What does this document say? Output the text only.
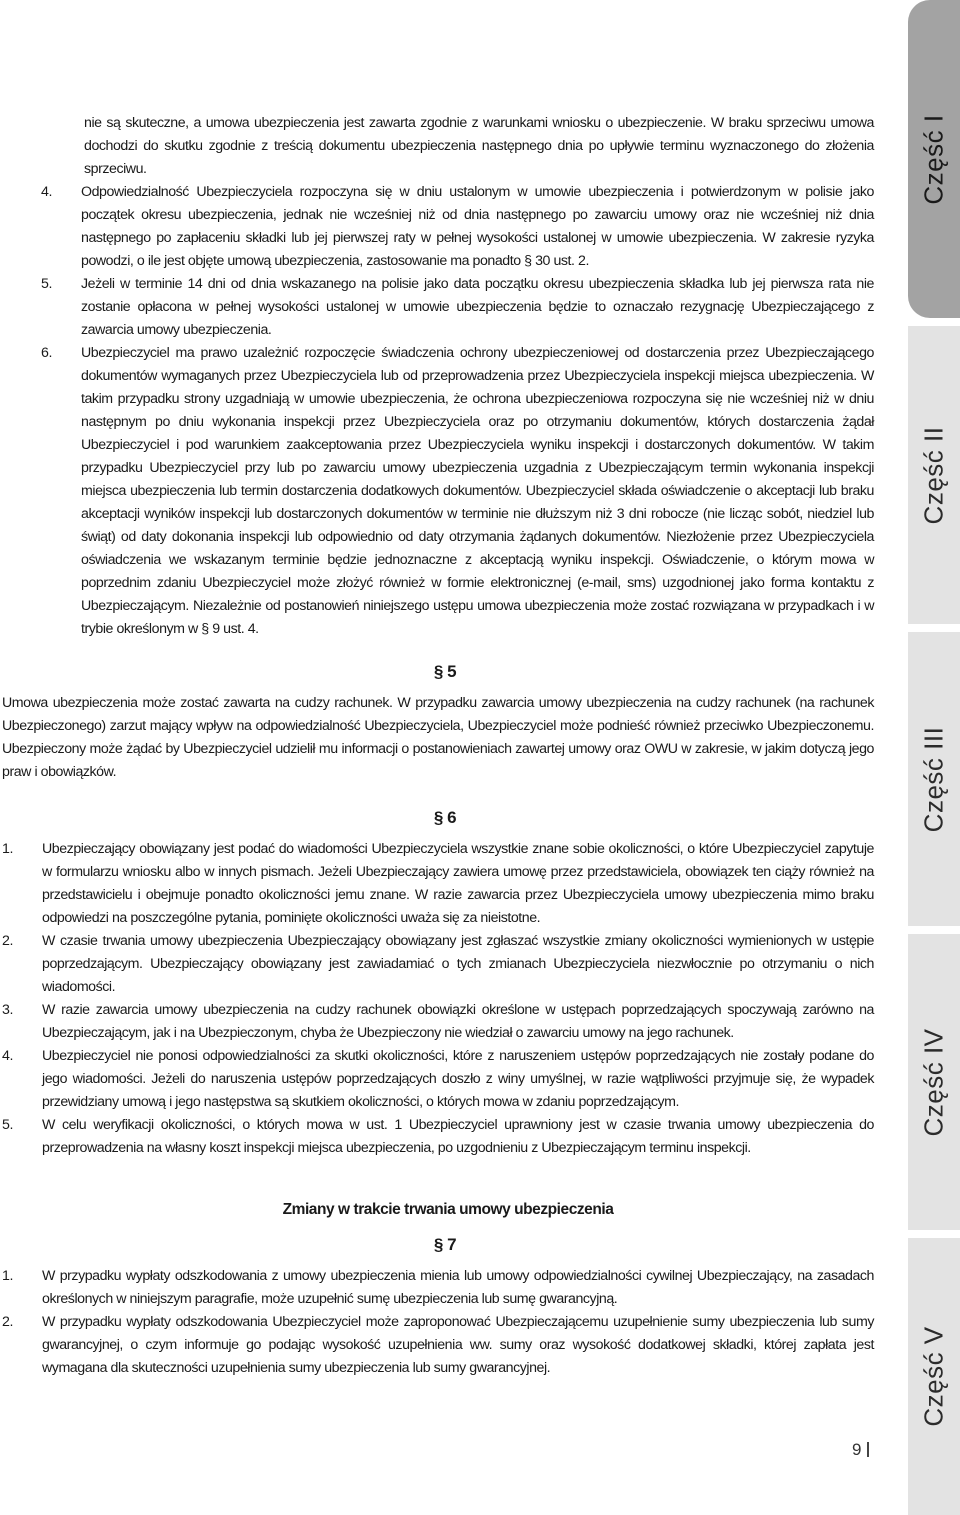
nie są skuteczne, a umowa ubezpieczenia jest zawarta zgodnie z warunkami wniosku o ubezpieczenie. W braku sprzeciwu umowa dochodzi do skutku zgodnie z treścią dokumentu ubezpieczenia następnego dnia po upływie terminu wyznaczonego do złożenia sprzeciwu.

4. Odpowiedzialność Ubezpieczyciela rozpoczyna się w dniu ustalonym w umowie ubezpieczenia i potwierdzonym w polisie jako początek okresu ubezpieczenia, jednak nie wcześniej niż od dnia następnego po zawarciu umowy oraz nie wcześniej niż dnia następnego po zapłaceniu składki lub jej pierwszej raty w pełnej wysokości ustalonej w umowie ubezpieczenia. W zakresie ryzyka powodzi, o ile jest objęte umową ubezpieczenia, zastosowanie ma ponadto § 30 ust. 2.

5. Jeżeli w terminie 14 dni od dnia wskazanego na polisie jako data początku okresu ubezpieczenia składka lub jej pierwsza rata nie zostanie opłacona w pełnej wysokości ustalonej w umowie ubezpieczenia będzie to oznaczało rezygnację Ubezpieczającego z zawarcia umowy ubezpieczenia.

6. Ubezpieczyciel ma prawo uzależnić rozpoczęcie świadczenia ochrony ubezpieczeniowej od dostarczenia przez Ubezpieczającego dokumentów wymaganych przez Ubezpieczyciela lub od przeprowadzenia przez Ubezpieczyciela inspekcji miejsca ubezpieczenia. W takim przypadku strony uzgadniają w umowie ubezpieczenia, że ochrona ubezpieczeniowa rozpoczyna się nie wcześniej niż w dniu następnym po dniu wykonania inspekcji przez Ubezpieczyciela oraz po otrzymaniu dokumentów, których dostarczenia żądał Ubezpieczyciel i pod warunkiem zaakceptowania przez Ubezpieczyciela wyniku inspekcji i dostarczonych dokumentów. W takim przypadku Ubezpieczyciel przy lub po zawarciu umowy ubezpieczenia uzgadnia z Ubezpieczającym termin wykonania inspekcji miejsca ubezpieczenia lub termin dostarczenia dodatkowych dokumentów. Ubezpieczyciel składa oświadczenie o akceptacji lub braku akceptacji wyników inspekcji lub dostarczonych dokumentów w terminie nie dłuższym niż 3 dni robocze (nie licząc sobót, niedziel lub świąt) od daty dokonania inspekcji lub odpowiednio od daty otrzymania żądanych dokumentów. Niezłożenie przez Ubezpieczyciela oświadczenia we wskazanym terminie będzie jednoznaczne z akceptacją wyniku inspekcji. Oświadczenie, o którym mowa w poprzednim zdaniu Ubezpieczyciel może złożyć również w formie elektronicznej (e-mail, sms) uzgodnionej jako forma kontaktu z Ubezpieczającym. Niezależnie od postanowień niniejszego ustępu umowa ubezpieczenia może zostać rozwiązana w przypadkach i w trybie określonym w § 9 ust. 4.

§ 5

Umowa ubezpieczenia może zostać zawarta na cudzy rachunek. W przypadku zawarcia umowy ubezpieczenia na cudzy rachunek (na rachunek Ubezpieczonego) zarzut mający wpływ na odpowiedzialność Ubezpieczyciela, Ubezpieczyciel może podnieść również przeciwko Ubezpieczonemu. Ubezpieczony może żądać by Ubezpieczyciel udzielił mu informacji o postanowieniach zawartej umowy oraz OWU w zakresie, w jakim dotyczą jego praw i obowiązków.

§ 6

1. Ubezpieczający obowiązany jest podać do wiadomości Ubezpieczyciela wszystkie znane sobie okoliczności, o które Ubezpieczyciel zapytuje w formularzu wniosku albo w innych pismach. Jeżeli Ubezpieczający zawiera umowę przez przedstawiciela, obowiązek ten ciąży również na przedstawicielu i obejmuje ponadto okoliczności jemu znane. W razie zawarcia przez Ubezpieczyciela umowy ubezpieczenia mimo braku odpowiedzi na poszczególne pytania, pominięte okoliczności uważa się za nieistotne.

2. W czasie trwania umowy ubezpieczenia Ubezpieczający obowiązany jest zgłaszać wszystkie zmiany okoliczności wymienionych w ustępie poprzedzającym. Ubezpieczający obowiązany jest zawiadamiać o tych zmianach Ubezpieczyciela niezwłocznie po otrzymaniu o nich wiadomości.

3. W razie zawarcia umowy ubezpieczenia na cudzy rachunek obowiązki określone w ustępach poprzedzających spoczywają zarówno na Ubezpieczającym, jak i na Ubezpieczonym, chyba że Ubezpieczony nie wiedział o zawarciu umowy na jego rachunek.

4. Ubezpieczyciel nie ponosi odpowiedzialności za skutki okoliczności, które z naruszeniem ustępów poprzedzających nie zostały podane do jego wiadomości. Jeżeli do naruszenia ustępów poprzedzających doszło z winy umyślnej, w razie wątpliwości przyjmuje się, że wypadek przewidziany umową i jego następstwa są skutkiem okoliczności, o których mowa w zdaniu poprzedzającym.

5. W celu weryfikacji okoliczności, o których mowa w ust. 1 Ubezpieczyciel uprawniony jest w czasie trwania umowy ubezpieczenia do przeprowadzenia na własny koszt inspekcji miejsca ubezpieczenia, po uzgodnieniu z Ubezpieczającym terminu inspekcji.

Zmiany w trakcie trwania umowy ubezpieczenia
§ 7

1. W przypadku wypłaty odszkodowania z umowy ubezpieczenia mienia lub umowy odpowiedzialności cywilnej Ubezpieczający, na zasadach określonych w niniejszym paragrafie, może uzupełnić sumę ubezpieczenia lub sumę gwarancyjną.

2. W przypadku wypłaty odszkodowania Ubezpieczyciel może zaproponować Ubezpieczającemu uzupełnienie sumy ubezpieczenia lub sumy gwarancyjnej, o czym informuje go podając wysokość uzupełnienia ww. sumy oraz wysokość dodatkowej składki, której zapłata jest wymagana dla skuteczności uzupełnienia sumy ubezpieczenia lub sumy gwarancyjnej.

9
Część I
Część II
Część III
Część IV
Część V
